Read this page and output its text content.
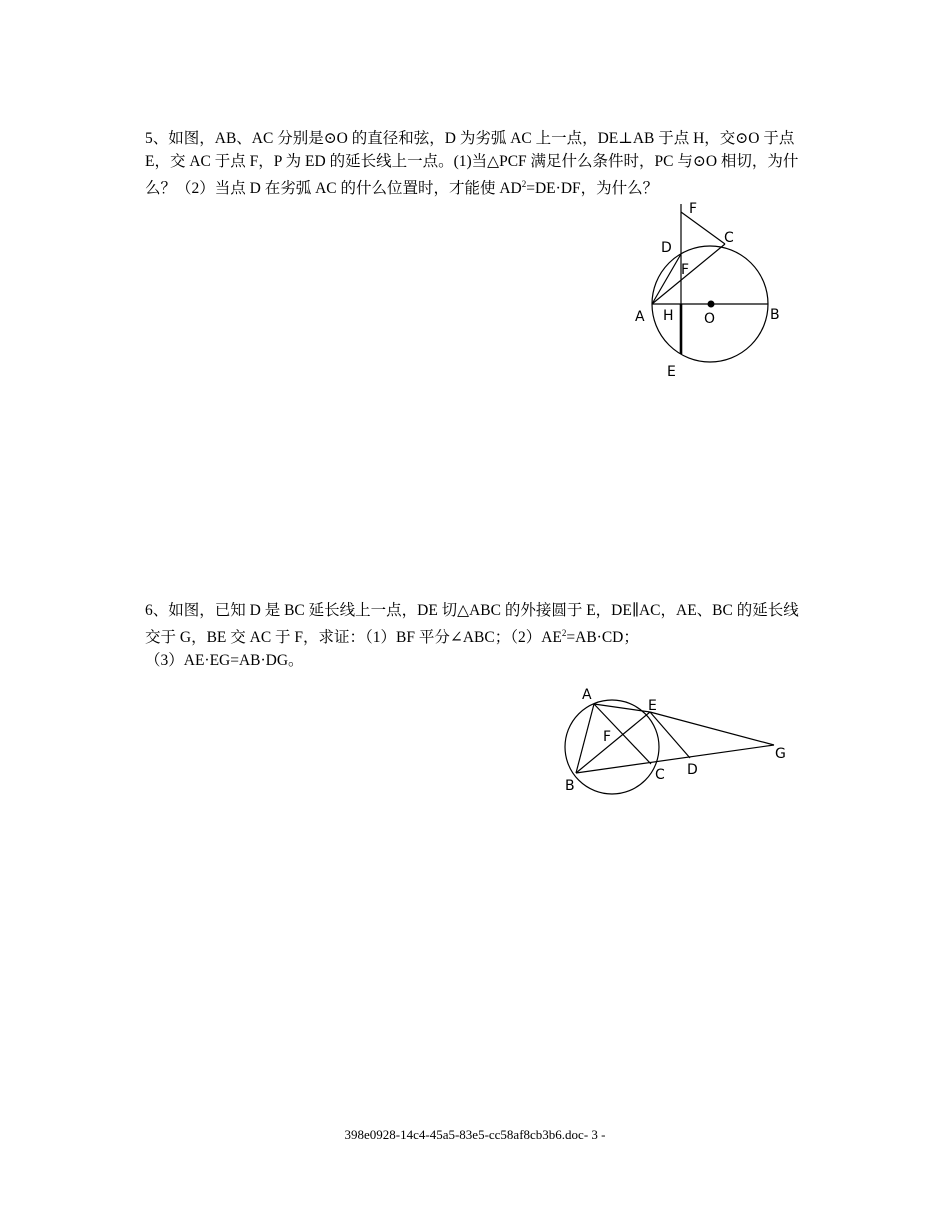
5、如图，AB、AC 分别是⊙O 的直径和弦，D 为劣弧 AC 上一点，DE⊥AB 于点 H，交⊙O 于点 E，交 AC 于点 F，P 为 ED 的延长线上一点。(1)当△PCF 满足什么条件时，PC 与⊙O 相切，为什么？（2）当点 D 在劣弧 AC 的什么位置时，才能使 $AD^2=DE\cdot DF$，为什么？

F
D
C
F
A H O	B
E

6、如图，已知 D 是 BC 延长线上一点，DE 切△ABC 的外接圆于 E，DE∥AC，AE、BC 的延长线交于 G，BE 交 AC 于 F，求证：（1）BF 平分∠ABC；$(2)AE^2=AB\cdot CD$；

（3）AE·EG=AB·DG。

A
E
F
G
B
C D
398e0928-14c4-45a5-83e5-cc58af8cb3b6.doc- 3 -
